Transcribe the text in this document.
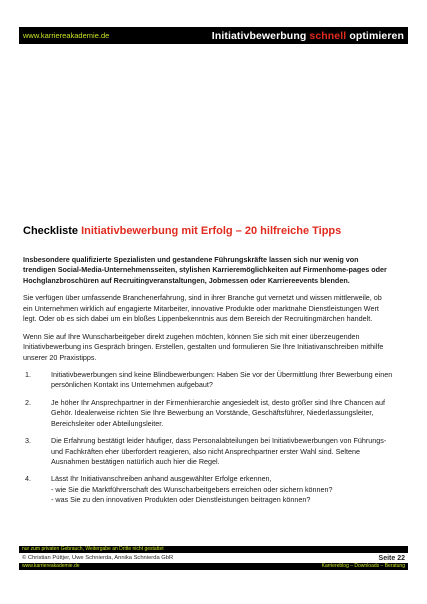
www.karriereakademie.de	Initiativbewerbung schnell optimieren
Checkliste Initiativbewerbung mit Erfolg – 20 hilfreiche Tipps

Insbesondere qualifizierte Spezialisten und gestandene Führungskräfte lassen sich nur wenig von trendigen Social-Media-Unternehmensseiten, stylishen Karrieremöglichkeiten auf Firmenhome-pages oder Hochglanzbroschüren auf Recruitingveranstaltungen, Jobmessen oder Karriereevents blenden.

Sie verfügen über umfassende Branchenerfahrung, sind in ihrer Branche gut vernetzt und wissen mittlerweile, ob ein Unternehmen wirklich auf engagierte Mitarbeiter, innovative Produkte oder marktnahe Dienstleistungen Wert legt. Oder ob es sich dabei um ein bloßes Lippenbekenntnis aus dem Bereich der Recruitingmärchen handelt.

Wenn Sie auf Ihre Wunscharbeitgeber direkt zugehen möchten, können Sie sich mit einer überzeugenden Initiativbewerbung ins Gespräch bringen. Erstellen, gestalten und formulieren Sie Ihre Initiativanschreiben mithilfe unserer 20 Praxistipps.

1.	Initiativbewerbungen sind keine Blindbewerbungen: Haben Sie vor der Übermittlung Ihrer Bewerbung einen persönlichen Kontakt ins Unternehmen aufgebaut?
2.	Je höher Ihr Ansprechpartner in der Firmenhierarchie angesiedelt ist, desto größer sind Ihre Chancen auf Gehör. Idealerweise richten Sie Ihre Bewerbung an Vorstände, Geschäftsführer, Niederlassungsleiter, Bereichsleiter oder Abteilungsleiter.
3.	Die Erfahrung bestätigt leider häufiger, dass Personalabteilungen bei Initiativbewerbungen von Führungs- und Fachkräften eher überfordert reagieren, also nicht Ansprechpartner erster Wahl sind. Seltene Ausnahmen bestätigen natürlich auch hier die Regel.
4.	Lässt Ihr Initiativanschreiben anhand ausgewählter Erfolge erkennen,
- wie Sie die Marktführerschaft des Wunscharbeitgebers erreichen oder sichern können?
- was Sie zu den innovativen Produkten oder Dienstleistungen beitragen können?
nur zum privaten Gebrauch, Weitergabe an Dritte nicht gestattet
© Christian Püttjer, Uwe Schnierda, Annika Schnierda GbR	Seite 22
www.karriereakademie.de	Karriereblog – Downloads – Beratung
